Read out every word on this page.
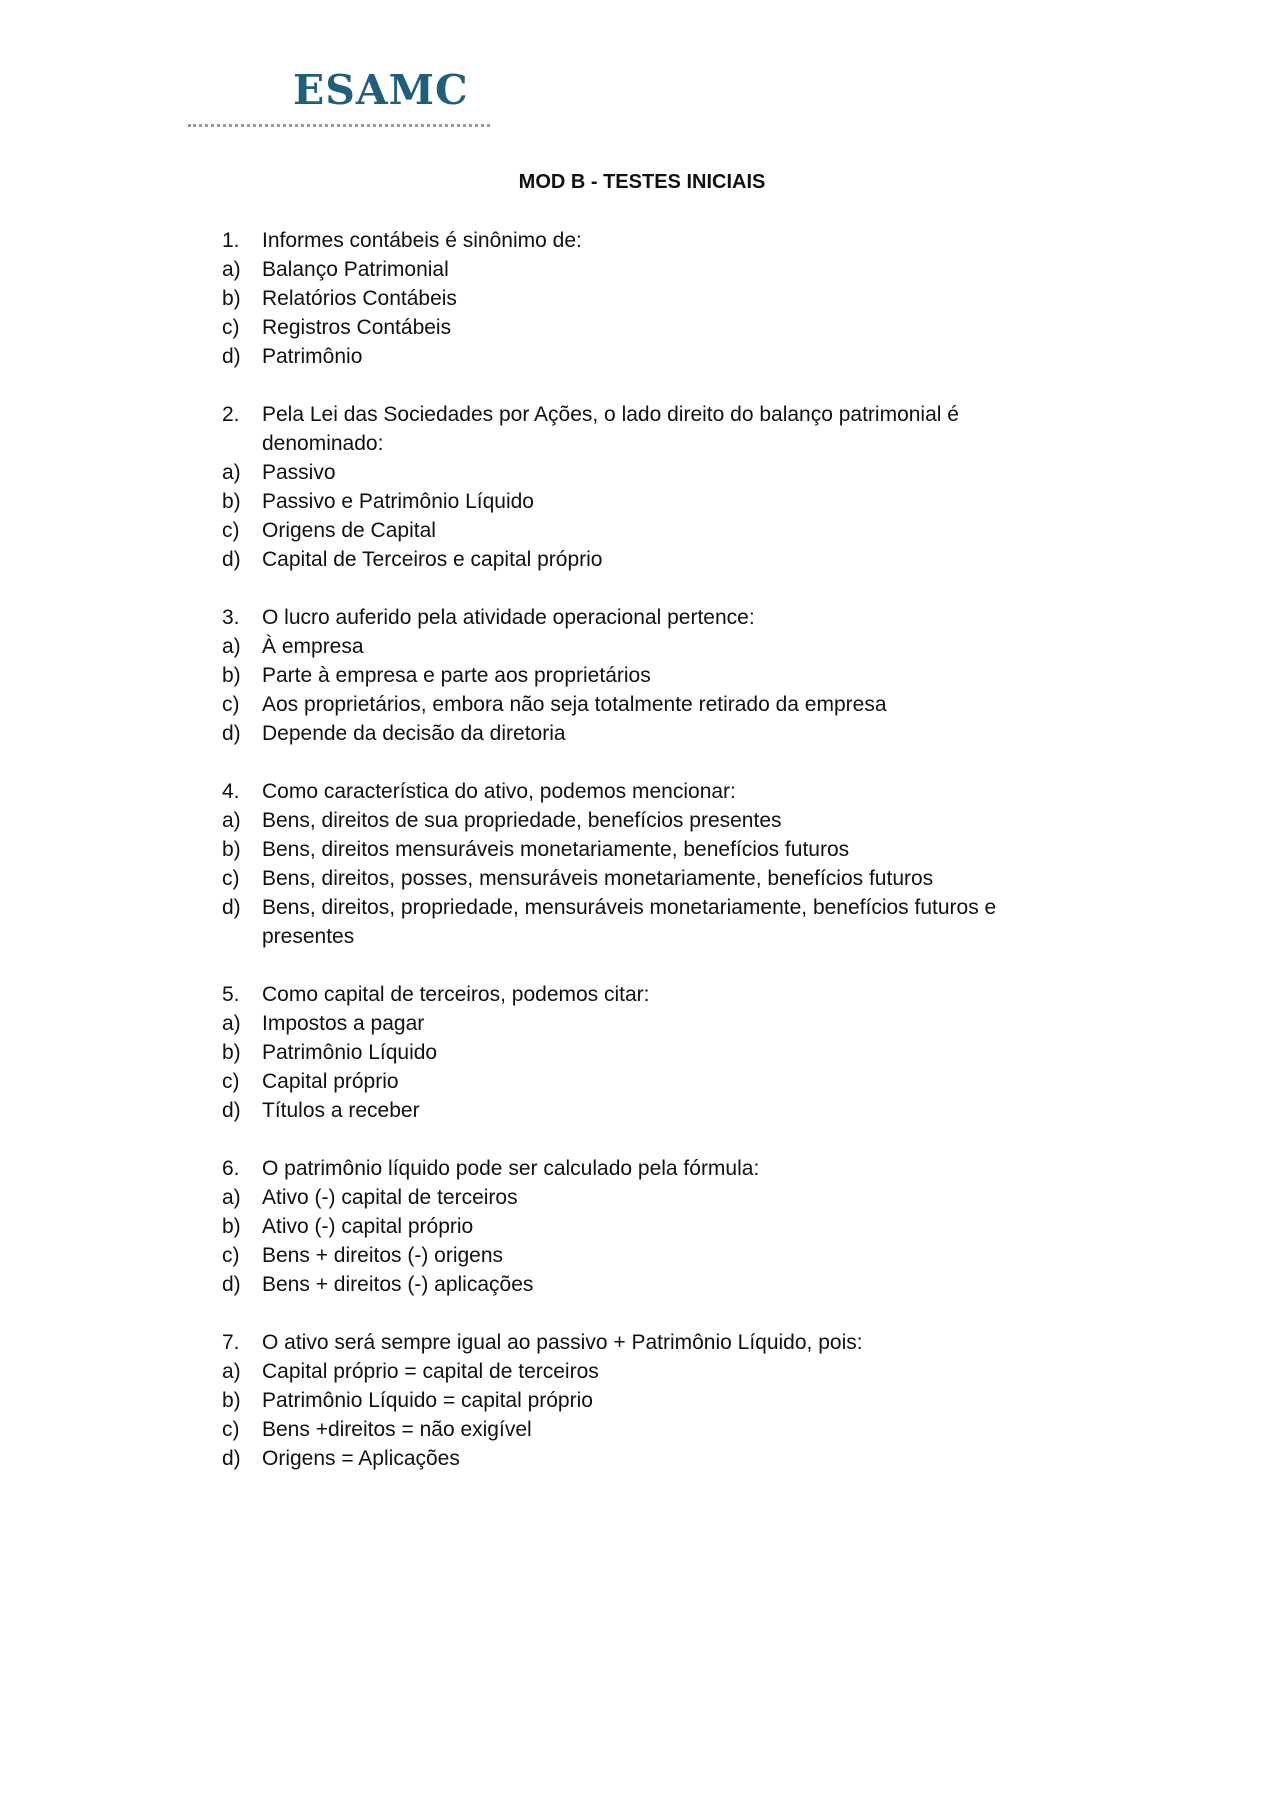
ESAMC
MOD B - TESTES INICIAIS
1.	Informes contábeis é sinônimo de:
a)	Balanço Patrimonial
b)	Relatórios Contábeis
c)	Registros Contábeis
d)	Patrimônio
2.	Pela Lei das Sociedades por Ações, o lado direito do balanço patrimonial é denominado:
a)	Passivo
b)	Passivo e Patrimônio Líquido
c)	Origens de Capital
d)	Capital de Terceiros e capital próprio
3.	O lucro auferido pela atividade operacional pertence:
a)	À empresa
b)	Parte à empresa e parte aos proprietários
c)	Aos proprietários, embora não seja totalmente retirado da empresa
d)	Depende da decisão da diretoria
4.	Como característica do ativo, podemos mencionar:
a)	Bens, direitos de sua propriedade, benefícios presentes
b)	Bens, direitos mensuráveis monetariamente, benefícios futuros
c)	Bens, direitos, posses, mensuráveis monetariamente, benefícios futuros
d)	Bens, direitos, propriedade, mensuráveis monetariamente, benefícios futuros e presentes
5.	Como capital de terceiros, podemos citar:
a)	Impostos a pagar
b)	Patrimônio Líquido
c)	Capital próprio
d)	Títulos a receber
6.	O patrimônio líquido pode ser calculado pela fórmula:
a)	Ativo (-) capital de terceiros
b)	Ativo (-) capital próprio
c)	Bens + direitos (-) origens
d)	Bens + direitos (-) aplicações
7.	O ativo será sempre igual ao passivo + Patrimônio Líquido, pois:
a)	Capital próprio = capital de terceiros
b)	Patrimônio Líquido = capital próprio
c)	Bens +direitos = não exigível
d)	Origens = Aplicações
